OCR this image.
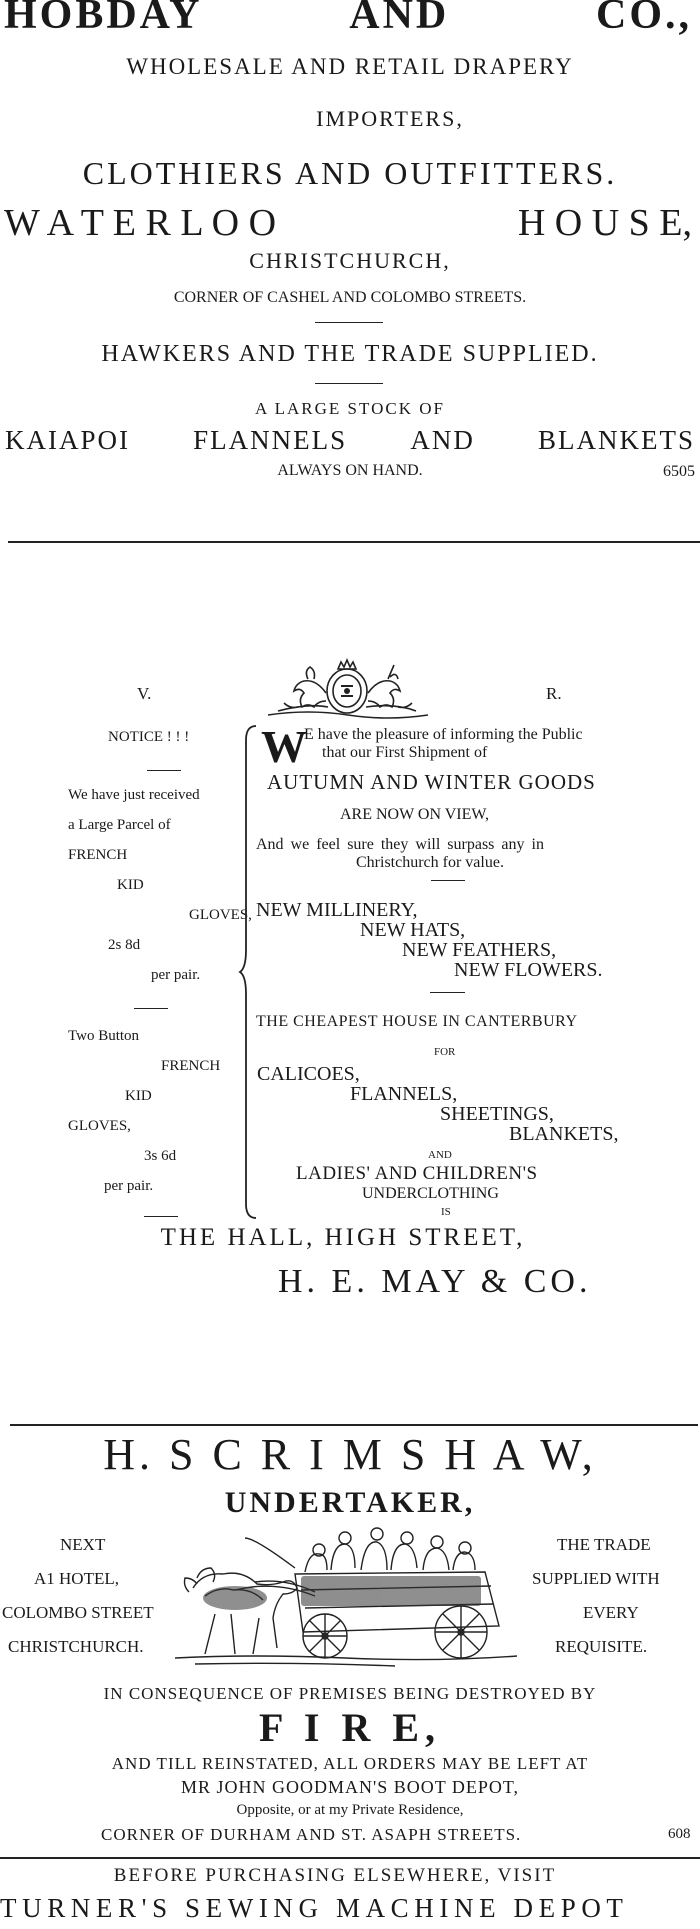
HOBDAY	AND	CO.,
WHOLESALE AND RETAIL DRAPERY
IMPORTERS,
CLOTHIERS AND OUTFITTERS.
W A T E R L O O	H O U S E,
CHRISTCHURCH,
CORNER OF CASHEL AND COLOMBO STREETS.
HAWKERS AND THE TRADE SUPPLIED.
A LARGE STOCK OF
KAIAPOI FLANNELS AND BLANKETS
ALWAYS ON HAND.	6505
V.	R.
NOTICE ! ! !
We have just received
a Large Parcel of
FRENCH
KID
GLOVES,
2s 8d
per pair.
Two Button
FRENCH
KID
GLOVES,
3s 6d
per pair.
W E have the pleasure of informing the Public
that our First Shipment of
AUTUMN AND WINTER GOODS
ARE NOW ON VIEW,
And we feel sure they will surpass any in
Christchurch for value.
NEW MILLINERY,
NEW HATS,
NEW FEATHERS,
NEW FLOWERS.
THE CHEAPEST HOUSE IN CANTERBURY
FOR
CALICOES,
FLANNELS,
SHEETINGS,
BLANKETS,
AND
LADIES' AND CHILDREN'S
UNDERCLOTHING
IS
THE HALL, HIGH STREET,
H. E. MAY & CO.
H. S C R I M S H A W,
UNDERTAKER,
NEXT
A1 HOTEL,
COLOMBO STREET
CHRISTCHURCH.
THE TRADE
SUPPLIED WITH
EVERY
REQUISITE.
IN CONSEQUENCE OF PREMISES BEING DESTROYED BY
F I R E,
AND TILL REINSTATED, ALL ORDERS MAY BE LEFT AT
MR JOHN GOODMAN'S BOOT DEPOT,
Opposite, or at my Private Residence,
CORNER OF DURHAM AND ST. ASAPH STREETS.	608
BEFORE PURCHASING ELSEWHERE, VISIT
TURNER'S SEWING MACHINE DEPOT
